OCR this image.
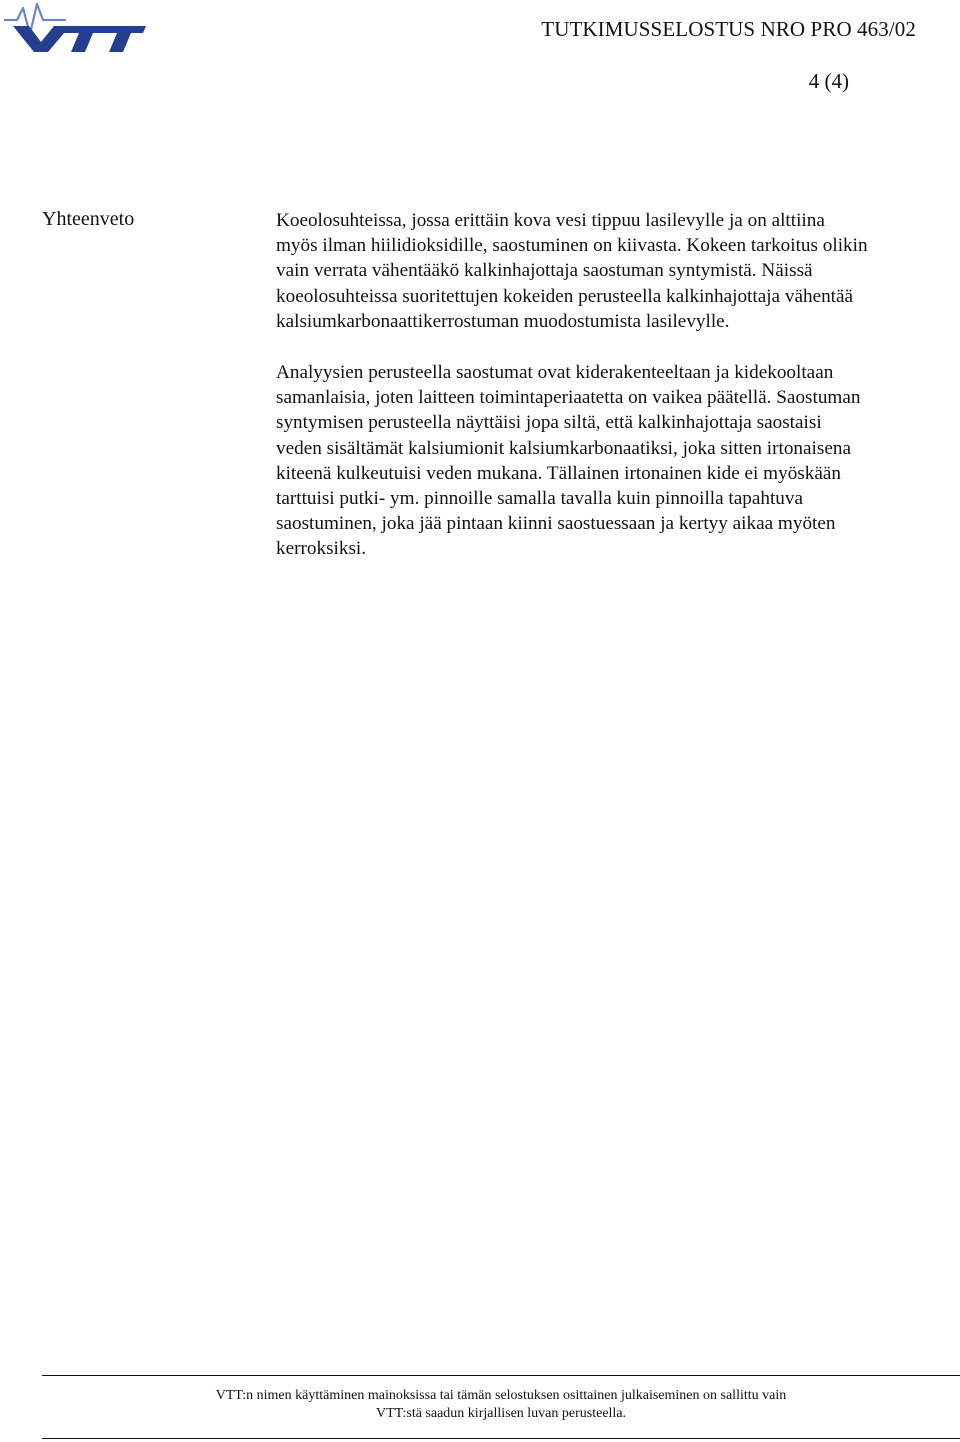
TUTKIMUSSELOSTUS NRO PRO 463/02
4 (4)
Yhteenveto	Koeolosuhteissa, jossa erittäin kova vesi tippuu lasilevylle ja on alttiina
myös ilman hiilidioksidille, saostuminen on kiivasta. Kokeen tarkoitus olikin
vain verrata vähentääkö kalkinhajottaja saostuman syntymistä. Näissä
koeolosuhteissa suoritettujen kokeiden perusteella kalkinhajottaja vähentää
kalsiumkarbonaattikerrostuman muodostumista lasilevylle.
Analyysien perusteella saostumat ovat kiderakenteeltaan ja kidekooltaan
samanlaisia, joten laitteen toimintaperiaatetta on vaikea päätellä. Saostuman
syntymisen perusteella näyttäisi jopa siltä, että kalkinhajottaja saostaisi
veden sisältämät kalsiumionit kalsiumkarbonaatiksi, joka sitten irtonaisena
kiteenä kulkeutuisi veden mukana. Tällainen irtonainen kide ei myöskään
tarttuisi putki- ym. pinnoille samalla tavalla kuin pinnoilla tapahtuva
saostuminen, joka jää pintaan kiinni saostuessaan ja kertyy aikaa myöten
kerroksiksi.
VTT:n nimen käyttäminen mainoksissa tai tämän selostuksen osittainen julkaiseminen on sallittu vain
VTT:stä saadun kirjallisen luvan perusteella.
